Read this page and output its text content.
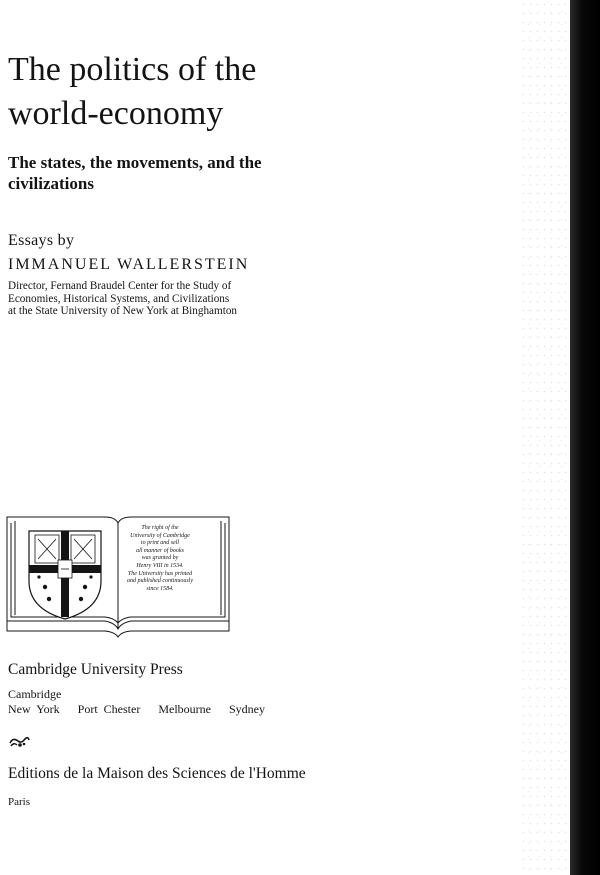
The politics of the world-economy
The states, the movements, and the civilizations
Essays by
IMMANUEL WALLERSTEIN
Director, Fernand Braudel Center for the Study of
Economies, Historical Systems, and Civilizations
at the State University of New York at Binghamton
The right of the
University of Cambridge
to print and sell
all manner of books
was granted by
Henry VIII in 1534.
The University has printed
and published continuously
since 1584.
Cambridge University Press
Cambridge
New York   Port Chester   Melbourne   Sydney
Editions de la Maison des Sciences de l'Homme
Paris
